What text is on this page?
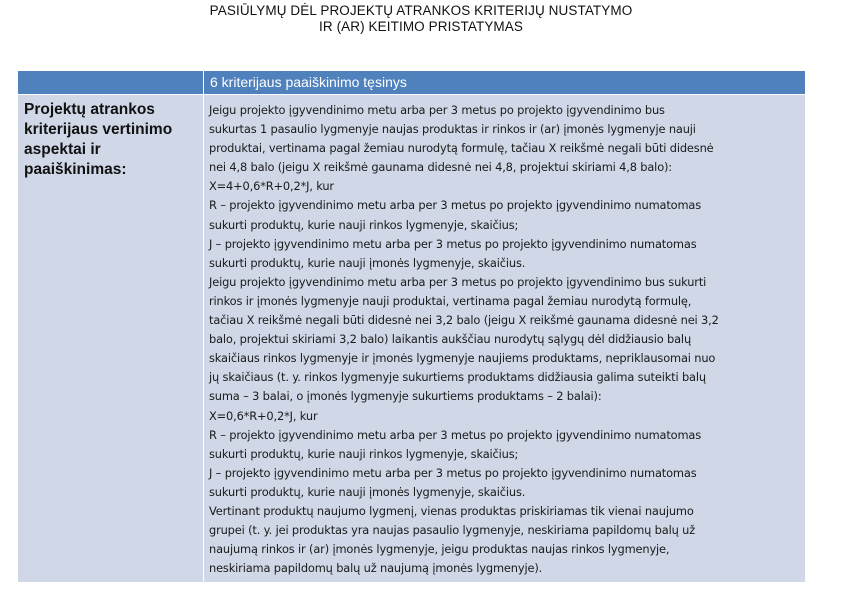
PASIŪLYMŲ DĖL PROJEKTŲ ATRANKOS KRITERIJŲ NUSTATYMO
IR (AR) KEITIMO PRISTATYMAS
6 kriterijaus paaiškinimo tęsinys
Projektų atrankos kriterijaus vertinimo aspektai ir paaiškinimas:
Jeigu projekto įgyvendinimo metu arba per 3 metus po projekto įgyvendinimo bus
sukurtas 1 pasaulio lygmenyje naujas produktas ir rinkos ir (ar) įmonės lygmenyje nauji
produktai, vertinama pagal žemiau nurodytą formulę, tačiau X reikšmė negali būti didesnė
nei 4,8 balo (jeigu X reikšmė gaunama didesnė nei 4,8, projektui skiriami 4,8 balo):
X=4+0,6*R+0,2*J, kur
R – projekto įgyvendinimo metu arba per 3 metus po projekto įgyvendinimo numatomas
sukurti produktų, kurie nauji rinkos lygmenyje, skaičius;
J – projekto įgyvendinimo metu arba per 3 metus po projekto įgyvendinimo numatomas
sukurti produktų, kurie nauji įmonės lygmenyje, skaičius.
Jeigu projekto įgyvendinimo metu arba per 3 metus po projekto įgyvendinimo bus sukurti
rinkos ir įmonės lygmenyje nauji produktai, vertinama pagal žemiau nurodytą formulę,
tačiau X reikšmė negali būti didesnė nei 3,2 balo (jeigu X reikšmė gaunama didesnė nei 3,2
balo, projektui skiriami 3,2 balo) laikantis aukščiau nurodytų sąlygų dėl didžiausio balų
skaičiaus rinkos lygmenyje ir įmonės lygmenyje naujiems produktams, nepriklausomai nuo
jų skaičiaus (t. y. rinkos lygmenyje sukurtiems produktams didžiausia galima suteikti balų
suma – 3 balai, o įmonės lygmenyje sukurtiems produktams – 2 balai):
X=0,6*R+0,2*J, kur
R – projekto įgyvendinimo metu arba per 3 metus po projekto įgyvendinimo numatomas
sukurti produktų, kurie nauji rinkos lygmenyje, skaičius;
J – projekto įgyvendinimo metu arba per 3 metus po projekto įgyvendinimo numatomas
sukurti produktų, kurie nauji įmonės lygmenyje, skaičius.
Vertinant produktų naujumo lygmenį, vienas produktas priskiriamas tik vienai naujumo
grupei (t. y. jei produktas yra naujas pasaulio lygmenyje, neskiriama papildomų balų už
naujumą rinkos ir (ar) įmonės lygmenyje, jeigu produktas naujas rinkos lygmenyje,
neskiriama papildomų balų už naujumą įmonės lygmenyje).
